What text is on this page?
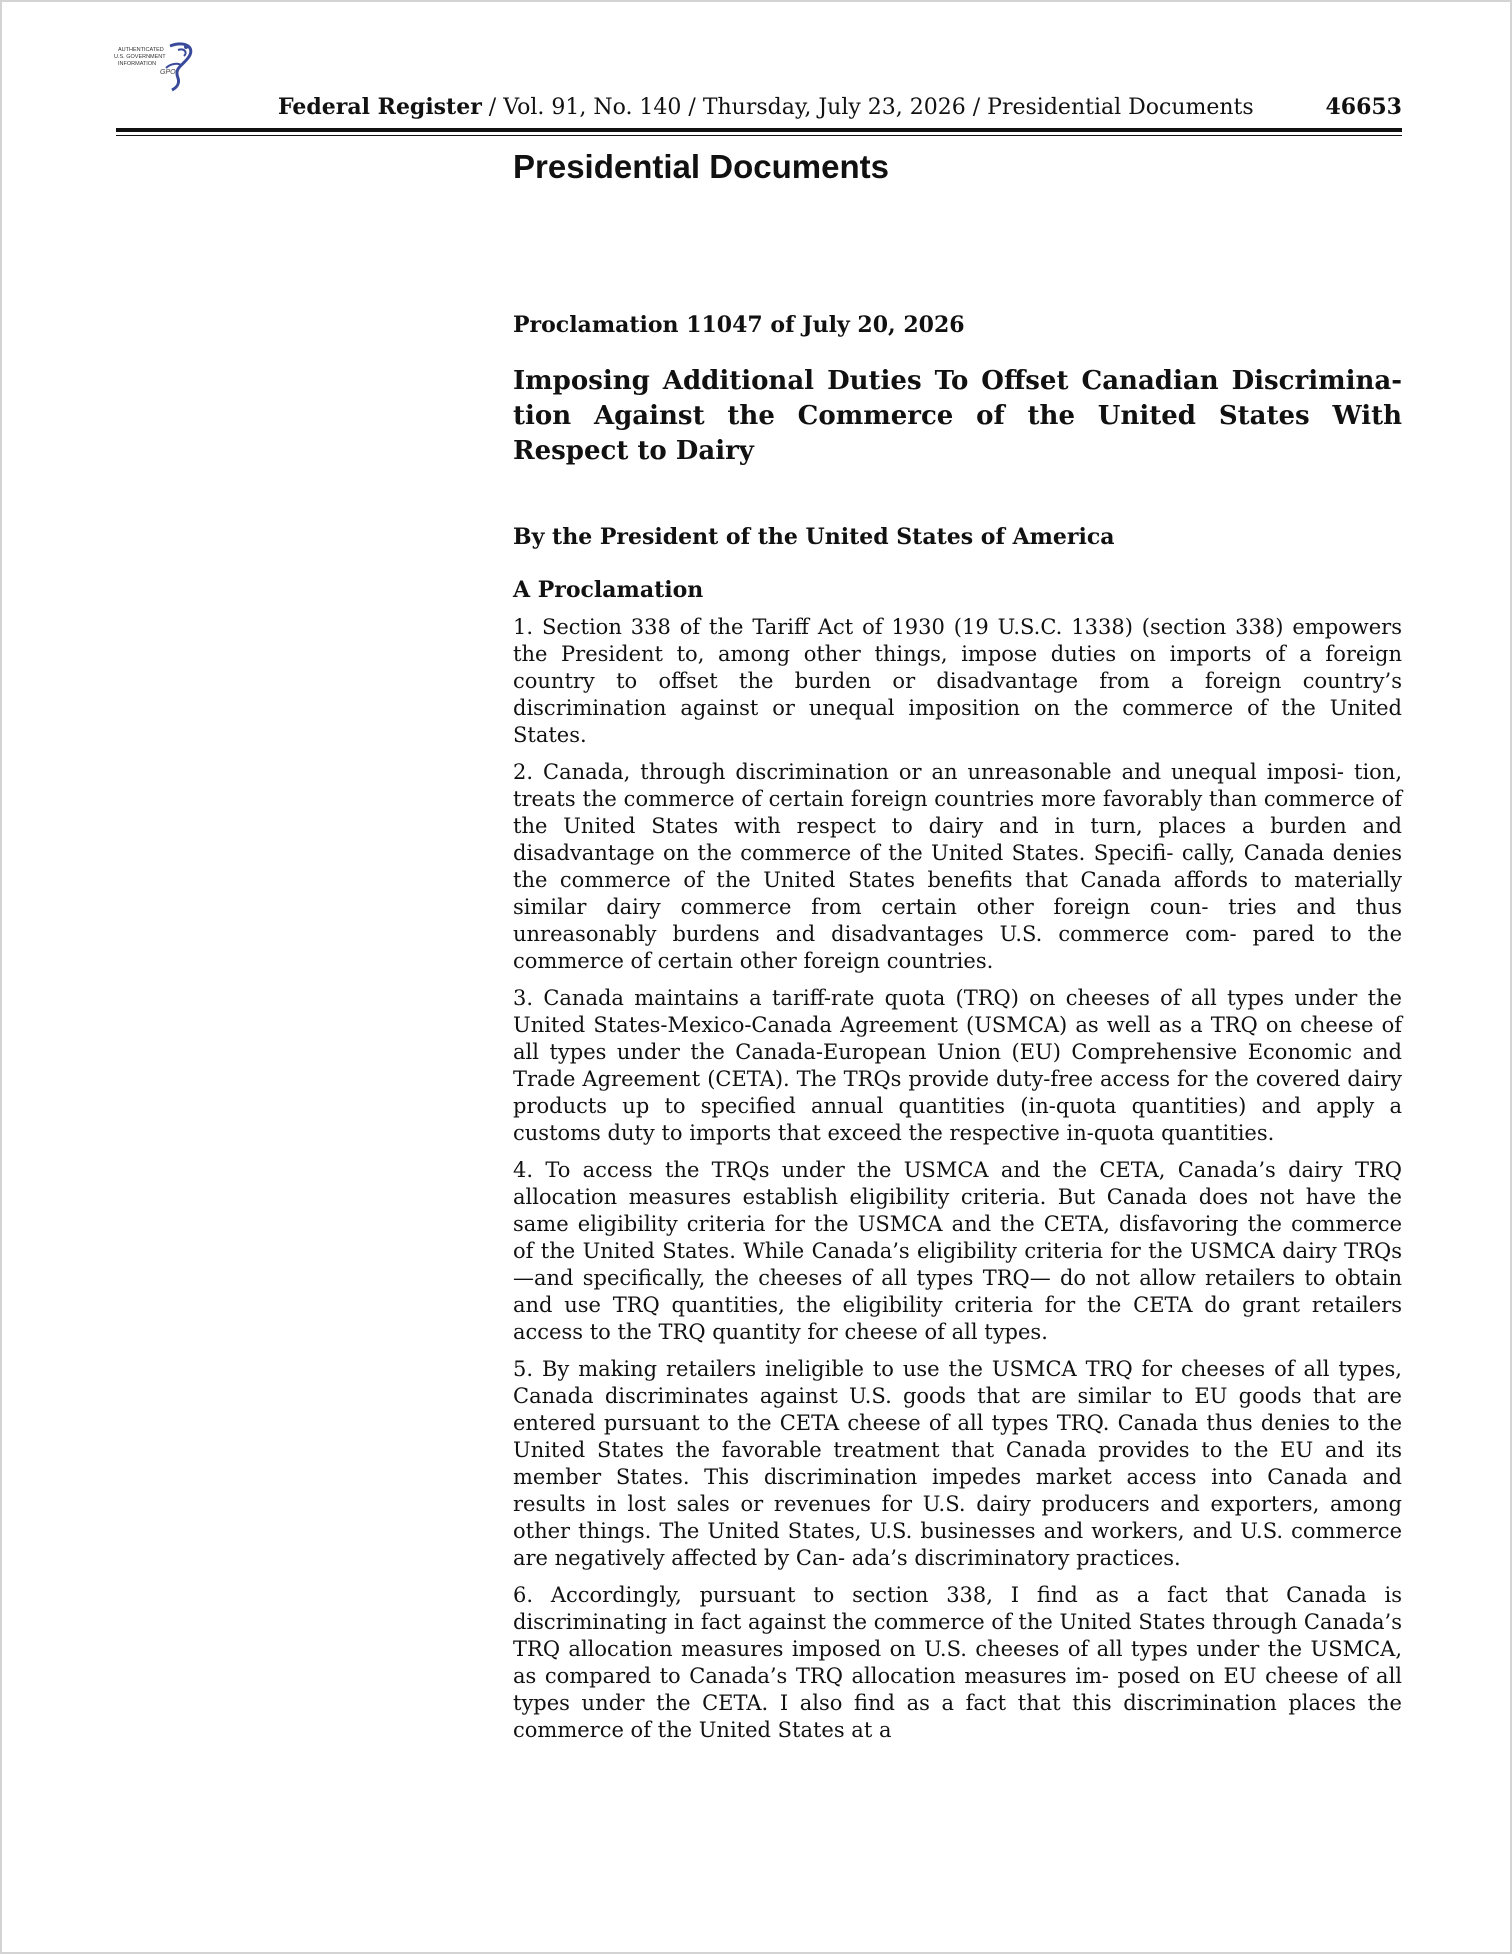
AUTHENTICATED
U.S. GOVERNMENT
INFORMATION
GPO
Federal Register / Vol. 91, No. 140 / Thursday, July 23, 2026 / Presidential Documents	46653
Presidential Documents
Proclamation 11047 of July 20, 2026
Imposing Additional Duties To Offset Canadian Discrimina- tion Against the Commerce of the United States With Respect to Dairy
By the President of the United States of America
A Proclamation

1. Section 338 of the Tariff Act of 1930 (19 U.S.C. 1338) (section 338) empowers the President to, among other things, impose duties on imports of a foreign country to offset the burden or disadvantage from a foreign country’s discrimination against or unequal imposition on the commerce of the United States.

2. Canada, through discrimination or an unreasonable and unequal imposi- tion, treats the commerce of certain foreign countries more favorably than commerce of the United States with respect to dairy and in turn, places a burden and disadvantage on the commerce of the United States. Specifi- cally, Canada denies the commerce of the United States benefits that Canada affords to materially similar dairy commerce from certain other foreign coun- tries and thus unreasonably burdens and disadvantages U.S. commerce com- pared to the commerce of certain other foreign countries.

3. Canada maintains a tariff-rate quota (TRQ) on cheeses of all types under the United States-Mexico-Canada Agreement (USMCA) as well as a TRQ on cheese of all types under the Canada-European Union (EU) Comprehensive Economic and Trade Agreement (CETA). The TRQs provide duty-free access for the covered dairy products up to specified annual quantities (in-quota quantities) and apply a customs duty to imports that exceed the respective in-quota quantities.

4. To access the TRQs under the USMCA and the CETA, Canada’s dairy TRQ allocation measures establish eligibility criteria. But Canada does not have the same eligibility criteria for the USMCA and the CETA, disfavoring the commerce of the United States. While Canada’s eligibility criteria for the USMCA dairy TRQs—and specifically, the cheeses of all types TRQ— do not allow retailers to obtain and use TRQ quantities, the eligibility criteria for the CETA do grant retailers access to the TRQ quantity for cheese of all types.

5. By making retailers ineligible to use the USMCA TRQ for cheeses of all types, Canada discriminates against U.S. goods that are similar to EU goods that are entered pursuant to the CETA cheese of all types TRQ. Canada thus denies to the United States the favorable treatment that Canada provides to the EU and its member States. This discrimination impedes market access into Canada and results in lost sales or revenues for U.S. dairy producers and exporters, among other things. The United States, U.S. businesses and workers, and U.S. commerce are negatively affected by Can- ada’s discriminatory practices.

6. Accordingly, pursuant to section 338, I find as a fact that Canada is discriminating in fact against the commerce of the United States through Canada’s TRQ allocation measures imposed on U.S. cheeses of all types under the USMCA, as compared to Canada’s TRQ allocation measures im- posed on EU cheese of all types under the CETA. I also find as a fact that this discrimination places the commerce of the United States at a
